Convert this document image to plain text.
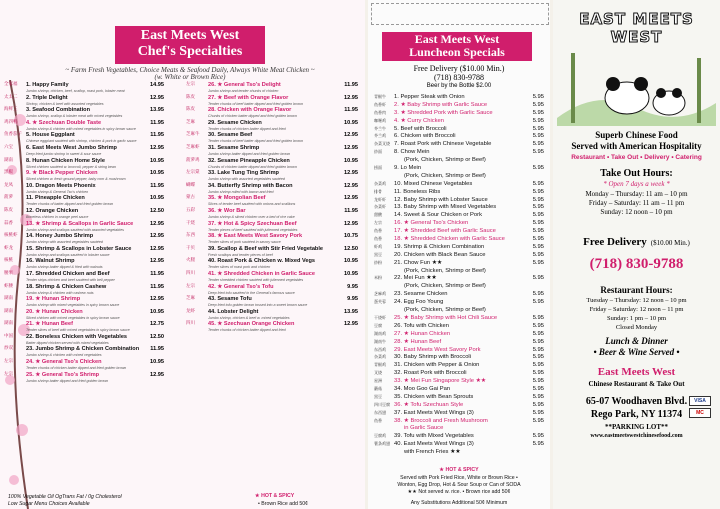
East Meets West
Chef's Specialties
~ Farm Fresh Vegetables, Choice Meats & Seafood Daily, Always White Meat Chicken ~
(w. White or Brown Rice)
全家福	1. Happy Family	14.95
Jumbo shrimp, chicken, beef, scallop, roast pork, lobster meat
太太二	2. Triple Delight	12.95
Shrimp, chicken & beef with assorted vegetables
海鲜三	3. Seafood Combination	13.95
Jumbo shrimp, scallop & lobster meat with mixed vegetables
鸡四鸭	4. ★ Szechuan Double Taste	11.95
Jumbo shrimp & chicken with mixed vegetables in spicy brown sauce
鱼香茄子 5. House Eggplant	11.95
Chinese eggplant sautéed with shrimp, chicken & pork in garlic sauce
六宝	6. East Meets West Jumbo Shrimp	12.95
Deep fried jumbo shrimp in sweet & sour sauce
湖南	8. Hunan Chicken Home Style	10.95
Sliced chicken sautéed w. broccoli, pepper & string bean
黑椒	9. ★ Black Pepper Chicken	10.95
Sliced chicken w. fresh ground pepper, baby corn & mushroom
龙凤	10. Dragon Meets Phoenix	11.95
Jumbo shrimp & General Tso's chicken
菠萝	11. Pineapple Chicken	10.95
Tender chunks of batter-dipped and fried golden brown
陈皮	12. Orange Chicken	12.50
Boneless chicken in orange peel sauce
蒜香	13. ★ Shrimp & Scallops in Garlic Sauce	12.95
Jumbo shrimp and scallops sautéed with assorted vegetables
核桃虾	14. Honey Jumbo Shrimp	12.95
Jumbo shrimp with assorted vegetables sautéed
虾龙	15. Shrimp & Scallops in Lobster Sauce	12.95
Jumbo shrimp and scallops sautéed in lobster sauce
核桃	16. Walnut Shrimp	12.95
Jumbo shrimp batter dipped & fried with walnuts
腰果	17. Shredded Chicken and Beef	11.95
Tender strips chicken and beef sautéed with bell pepper
虾腰	18. Shrimp & Chicken Cashew	11.95
Jumbo shrimp & chicken with cashew nuts
湖南	19. ★ Hunan Shrimp	12.95
Jumbo shrimp with mixed vegetables in spicy brown sauce
湖南	20. ★ Hunan Chicken	10.95
Sliced chicken with mixed vegetables in spicy brown sauce
湖南	21. ★ Hunan Beef	12.75
Tender slices of beef with mixed vegetables in spicy brown sauce
中国	22. Boneless Chicken with Vegetables	12.50
Batter dipped chicken served with mixed vegetables
炒双	23. Jumbo Shrimp & Chicken Combination 11.95
Jumbo shrimp & chicken with mixed vegetables
左宗	24. ★ General Tso's Chicken	10.95
Tender chunks of chicken batter dipped and fried golden brown
左宗	25. ★ General Tso's Shrimp	12.95
Jumbo shrimp batter dipped and fried golden brown
左宗	26. ★ General Tso's Delight	11.95
Jumbo shrimp and tender chunks of chicken
陈皮	27. ★ Beef with Orange Flavor	12.95
Tender chunks of beef batter dipped and fried golden brown
陈皮	28. Chicken with Orange Flavor	11.95
Chunks of chicken batter dipped and fried golden brown
芝麻	29. Sesame Chicken	10.95
Tender chunks of chicken batter dipped and fried
芝麻牛	30. Sesame Beef	12.95
Tender chunks of beef batter dipped and fried golden brown
芝麻虾	31. Sesame Shrimp	12.95
Jumbo shrimp batter dipped and fried golden brown
菠萝鸡	32. Sesame Pineapple Chicken	10.95
Chunks of chicken batter dipped and fried golden brown
左宗棠	33. Lake Tung Ting Shrimp	12.95
Jumbo shrimp with assorted vegetables sautéed
蝴蝶	34. Butterfly Shrimp with Bacon	12.95
Jumbo shrimp rolled with bacon and fried
蒙古	35. ★ Mongolian Beef	12.95
Slices of tender beef sautéed with onions and scallions
五彩	36. ★ Wor Bar	11.95
Jumbo shrimp & sliced chicken over a bed of rice cake
干烧	37. ★ Hot & Spicy Szechuan Beef	12.95
Tender pieces of beef sautéed with julienned vegetables
东西	38. ★ East Meets West Savory Pork	10.75
Tender slices of pork sautéed in savory sauce
干贝	39. Scallop & Beef with Stir Fried Vegetable	12.50
Fresh scallops and tender pieces of beef
火腿	40. Roast Pork & Chicken w. Mixed Vegs	10.95
Tender slices of roast pork and chicken
四川	41. ★ Shredded Chicken in Garlic Sauce	10.95
Tender shredded chicken sautéed with julienned vegetables
左宗	42. ★ General Tso's Tofu	9.95
Deep fried tofu sautéed in the General's famous sauce
芝麻	43. Sesame Tofu	9.95
Deep fried tofu golden brown tossed into a sweet brown sauce
龙虾	44. Lobster Delight	13.95
Jumbo shrimp, chicken & beef w. mixed vegetables
四川	45. ★ Szechuan Orange Chicken	12.95
Tender chunks of chicken batter dipped and fried
100% Vegetable Oil OgTrans Fat / 0g Cholesterol
Low Sugar Menu Choices Available
★ HOT & SPICY
• Brown Rice add 50¢
East Meets West
Luncheon Specials
Free Delivery ($10.00 Min.)
(718) 830-9788
Beer by the Bottle $2.00
青椒牛	1. Pepper Steak with Onion	5.95
鱼香虾	2. ★ Baby Shrimp with Garlic Sauce	5.95
鱼香肉	3. ★ Shredded Pork with Garlic Sauce	5.95
咖喱鸡	4. ★ Curry Chicken	5.95
芥兰牛	5. Beef with Broccoli	5.95
芥兰鸡	6. Chicken with Broccoli	5.95
杂菜叉烧 7. Roast Pork with Chinese Vegetable	5.95
炒面	8. Chow Mein	5.95
(Pork, Chicken, Shrimp or Beef)
捞面	9. Lo Mein	5.95
(Pork, Chicken, Shrimp or Beef)
杂菜鸡	10. Mixed Chinese Vegetables	5.95
排骨	11. Boneless Ribs	5.95
龙虾虾	12. Baby Shrimp with Lobster Sauce	5.95
杂菜虾	13. Baby Shrimp with Mixed Vegetables	5.95
甜酸	14. Sweet & Sour Chicken or Pork	5.95
左宗	16. ★ General Tso's Chicken	5.95
鱼香	17. ★ Shredded Beef with Garlic Sauce	5.95
鱼香	18. ★ Shredded Chicken with Garlic Sauce	5.95
虾鸡	19. Shrimp & Chicken Combination	5.95
黑豆	20. Chicken with Black Bean Sauce	5.95
炒粉	21. Chow Fun ★★	5.95
(Pork, Chicken, Shrimp or Beef)
米粉	22. Mei Fun ★★	5.95
(Pork, Chicken, Shrimp or Beef)
芝麻鸡	23. Sesame Chicken	5.95
蛋芙蓉	24. Egg Foo Young	5.95
(Pork, Chicken, Shrimp or Beef)
干烧虾	25. ★ Baby Shrimp with Hot Chili Sauce	5.95
豆腐	26. Tofu with Chicken	5.95
湖南鸡	27. ★ Hunan Chicken	5.95
湖南牛	28. ★ Hunan Beef	5.95
东西鸡	29. East Meets West Savory Pork	5.95
杂菜鸡	30. Baby Shrimp with Broccoli	5.95
青椒鸡	31. Chicken with Pepper & Onion	5.95
叉烧	32. Roast Pork with Broccoli	5.95
星洲	33. ★ Mei Fun Singapore Style ★★	5.95
蘑菇	34. Moo Goo Gai Pan	5.95
黑豆	35. Chicken with Bean Sprouts	5.95
四川豆腐 36. ★ Tofu Szechuan Style	5.95
东西翅	37. East Meets West Wings (3)	5.95
鱼香	38. ★ Broccoli and Fresh Mushroom	5.95
in Garlic Sauce
豆腐鸡	39. Tofu with Mixed Vegetables	5.95
薯条鸡翅 40. East Meets West Wings (3)	5.95
with French Fries ★★
★ HOT & SPICY
Served with Pork Fried Rice, White or Brown Rice •
Wonton, Egg Drop, Hot & Sour Soup or Can of SODA
★★ Not served w. rice. • Brown rice add 50¢
Any Substitutions Additional 50¢ Minimum
EAST MEETS
WEST
Superb Chinese Food
Served with American Hospitality
Restaurant • Take Out • Delivery • Catering
Take Out Hours:
* Open 7 days a week *
Monday – Thursday: 11 am – 10 pm
Friday – Saturday: 11 am – 11 pm
Sunday: 12 noon – 10 pm
Free Delivery ($10.00 Min.)
(718) 830-9788
Restaurant Hours:
Tuesday – Thursday: 12 noon – 10 pm
Friday – Saturday: 12 noon – 11 pm
Sunday: 1 pm – 10 pm
Closed Monday
Lunch & Dinner
• Beer & Wine Served •
East Meets West
Chinese Restaurant & Take Out
65-07 Woodhaven Blvd.
Rego Park, NY 11374
VISA
MC
**PARKING LOT**
www.eastmeetswestchinesefood.com
